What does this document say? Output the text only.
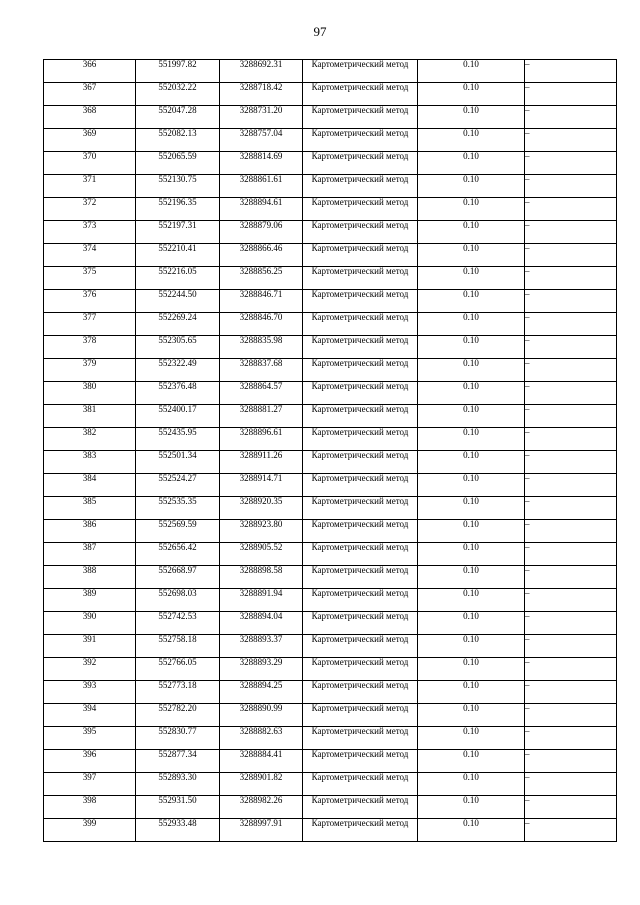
97
366	551997.82	3288692.31	Картометрический метод	0.10	–
367	552032.22	3288718.42	Картометрический метод	0.10	–
368	552047.28	3288731.20	Картометрический метод	0.10	–
369	552082.13	3288757.04	Картометрический метод	0.10	–
370	552065.59	3288814.69	Картометрический метод	0.10	–
371	552130.75	3288861.61	Картометрический метод	0.10	–
372	552196.35	3288894.61	Картометрический метод	0.10	–
373	552197.31	3288879.06	Картометрический метод	0.10	–
374	552210.41	3288866.46	Картометрический метод	0.10	–
375	552216.05	3288856.25	Картометрический метод	0.10	–
376	552244.50	3288846.71	Картометрический метод	0.10	–
377	552269.24	3288846.70	Картометрический метод	0.10	–
378	552305.65	3288835.98	Картометрический метод	0.10	–
379	552322.49	3288837.68	Картометрический метод	0.10	–
380	552376.48	3288864.57	Картометрический метод	0.10	–
381	552400.17	3288881.27	Картометрический метод	0.10	–
382	552435.95	3288896.61	Картометрический метод	0.10	–
383	552501.34	3288911.26	Картометрический метод	0.10	–
384	552524.27	3288914.71	Картометрический метод	0.10	–
385	552535.35	3288920.35	Картометрический метод	0.10	–
386	552569.59	3288923.80	Картометрический метод	0.10	–
387	552656.42	3288905.52	Картометрический метод	0.10	–
388	552668.97	3288898.58	Картометрический метод	0.10	–
389	552698.03	3288891.94	Картометрический метод	0.10	–
390	552742.53	3288894.04	Картометрический метод	0.10	–
391	552758.18	3288893.37	Картометрический метод	0.10	–
392	552766.05	3288893.29	Картометрический метод	0.10	–
393	552773.18	3288894.25	Картометрический метод	0.10	–
394	552782.20	3288890.99	Картометрический метод	0.10	–
395	552830.77	3288882.63	Картометрический метод	0.10	–
396	552877.34	3288884.41	Картометрический метод	0.10	–
397	552893.30	3288901.82	Картометрический метод	0.10	–
398	552931.50	3288982.26	Картометрический метод	0.10	–
399	552933.48	3288997.91	Картометрический метод	0.10	–
